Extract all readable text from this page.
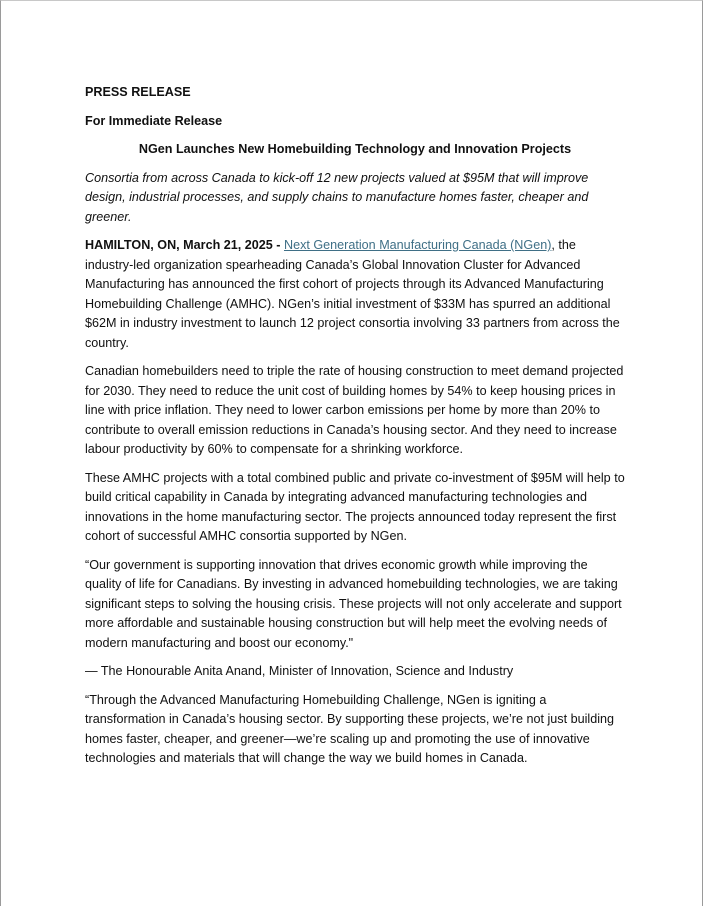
PRESS RELEASE
For Immediate Release
NGen Launches New Homebuilding Technology and Innovation Projects
Consortia from across Canada to kick-off 12 new projects valued at $95M that will improve design, industrial processes, and supply chains to manufacture homes faster, cheaper and greener.

HAMILTON, ON, March 21, 2025 - Next Generation Manufacturing Canada (NGen), the industry-led organization spearheading Canada’s Global Innovation Cluster for Advanced Manufacturing has announced the first cohort of projects through its Advanced Manufacturing Homebuilding Challenge (AMHC). NGen’s initial investment of $33M has spurred an additional $62M in industry investment to launch 12 project consortia involving 33 partners from across the country.

Canadian homebuilders need to triple the rate of housing construction to meet demand projected for 2030. They need to reduce the unit cost of building homes by 54% to keep housing prices in line with price inflation. They need to lower carbon emissions per home by more than 20% to contribute to overall emission reductions in Canada’s housing sector. And they need to increase labour productivity by 60% to compensate for a shrinking workforce.

These AMHC projects with a total combined public and private co-investment of $95M will help to build critical capability in Canada by integrating advanced manufacturing technologies and innovations in the home manufacturing sector. The projects announced today represent the first cohort of successful AMHC consortia supported by NGen.

“Our government is supporting innovation that drives economic growth while improving the quality of life for Canadians. By investing in advanced homebuilding technologies, we are taking significant steps to solving the housing crisis. These projects will not only accelerate and support more affordable and sustainable housing construction but will help meet the evolving needs of modern manufacturing and boost our economy."

— The Honourable Anita Anand, Minister of Innovation, Science and Industry

“Through the Advanced Manufacturing Homebuilding Challenge, NGen is igniting a transformation in Canada’s housing sector. By supporting these projects, we’re not just building homes faster, cheaper, and greener—we’re scaling up and promoting the use of innovative technologies and materials that will change the way we build homes in Canada.
